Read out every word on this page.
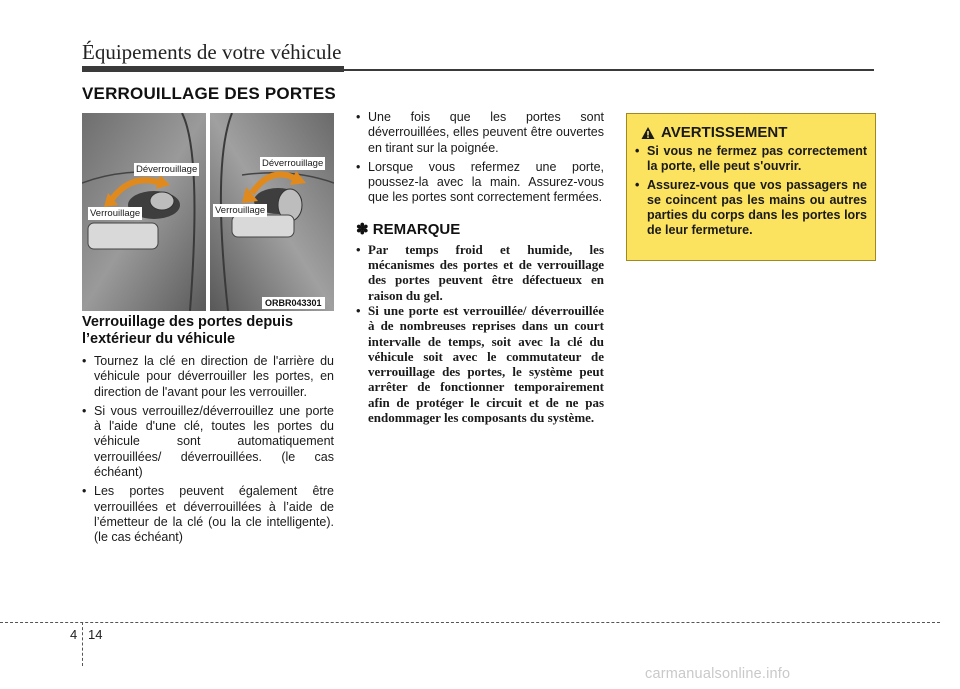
Équipements de votre véhicule
VERROUILLAGE DES PORTES
Déverrouillage
Verrouillage
Déverrouillage
Verrouillage
ORBR043301
Verrouillage des portes depuis l’extérieur du véhicule
• Tournez la clé en direction de l'arrière du véhicule pour déverrouiller les portes, en direction de l'avant pour les verrouiller.
• Si vous verrouillez/déverrouillez une porte à l'aide d'une clé, toutes les portes du véhicule sont automatiquement verrouillées/ déverrouillées. (le cas échéant)
• Les portes peuvent également être verrouillées et déverrouillées à l’aide de l’émetteur de la clé (ou la cle intelligente).(le cas échéant)
• Une fois que les portes sont déverrouillées, elles peuvent être ouvertes en tirant sur la poignée.
• Lorsque vous refermez une porte, poussez-la avec la main. Assurez-vous que les portes sont correctement fermées.
✽ REMARQUE
• Par temps froid et humide, les mécanismes des portes et de verrouillage des portes peuvent être défectueux en raison du gel.
• Si une porte est verrouillée/ déverrouillée à de nombreuses reprises dans un court intervalle de temps, soit avec la clé du véhicule soit avec le commutateur de verrouillage des portes, le système peut arrêter de fonctionner temporairement afin de protéger le circuit et de ne pas endommager les composants du système.
AVERTISSEMENT
• Si vous ne fermez pas correctement la porte, elle peut s'ouvrir.
• Assurez-vous que vos passagers ne se coincent pas les mains ou autres parties du corps dans les portes lors de leur fermeture.
4 14
carmanualsonline.info
